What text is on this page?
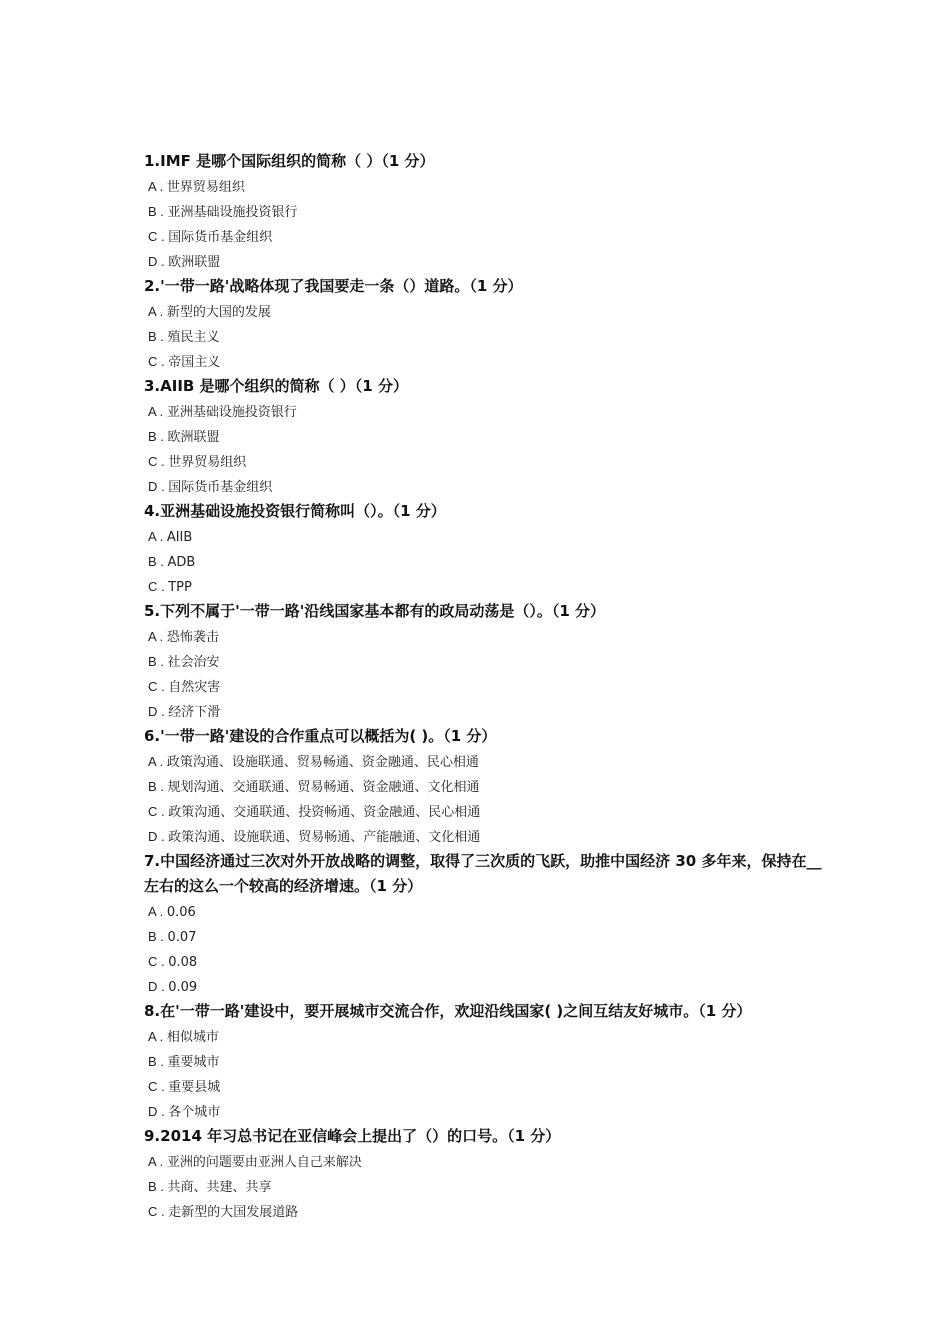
1.IMF 是哪个国际组织的简称（ ）（1 分）
A . 世界贸易组织
B . 亚洲基础设施投资银行
C . 国际货币基金组织
D . 欧洲联盟
2.'一带一路'战略体现了我国要走一条（）道路。（1 分）
A . 新型的大国的发展
B . 殖民主义
C . 帝国主义
3.AIIB 是哪个组织的简称（ ）（1 分）
A . 亚洲基础设施投资银行
B . 欧洲联盟
C . 世界贸易组织
D . 国际货币基金组织
4.亚洲基础设施投资银行简称叫（）。（1 分）
A . AIIB
B . ADB
C . TPP
5.下列不属于'一带一路'沿线国家基本都有的政局动荡是（）。（1 分）
A . 恐怖袭击
B . 社会治安
C . 自然灾害
D . 经济下滑
6.'一带一路'建设的合作重点可以概括为( )。（1 分）
A . 政策沟通、设施联通、贸易畅通、资金融通、民心相通
B . 规划沟通、交通联通、贸易畅通、资金融通、文化相通
C . 政策沟通、交通联通、投资畅通、资金融通、民心相通
D . 政策沟通、设施联通、贸易畅通、产能融通、文化相通
7.中国经济通过三次对外开放战略的调整，取得了三次质的飞跃，助推中国经济 30 多年来，保持在__左右的这么一个较高的经济增速。（1 分）
A . 0.06
B . 0.07
C . 0.08
D . 0.09
8.在'一带一路'建设中，要开展城市交流合作，欢迎沿线国家( )之间互结友好城市。（1 分）
A . 相似城市
B . 重要城市
C . 重要县城
D . 各个城市
9.2014 年习总书记在亚信峰会上提出了（）的口号。（1 分）
A . 亚洲的问题要由亚洲人自己来解决
B . 共商、共建、共享
C . 走新型的大国发展道路
